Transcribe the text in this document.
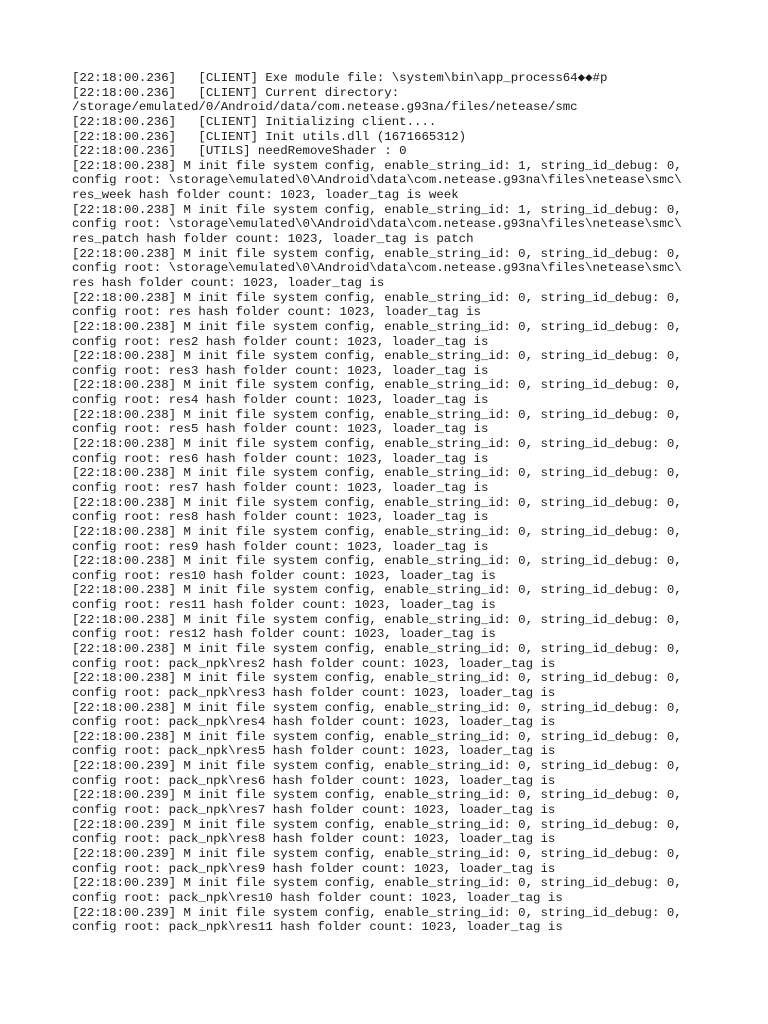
[22:18:00.236]   [CLIENT] Exe module file: \system\bin\app_process64◆◆#p
[22:18:00.236]   [CLIENT] Current directory:
/storage/emulated/0/Android/data/com.netease.g93na/files/netease/smc
[22:18:00.236]   [CLIENT] Initializing client....
[22:18:00.236]   [CLIENT] Init utils.dll (1671665312)
[22:18:00.236]   [UTILS] needRemoveShader : 0
[22:18:00.238] M init file system config, enable_string_id: 1, string_id_debug: 0,
config root: \storage\emulated\0\Android\data\com.netease.g93na\files\netease\smc\
res_week hash folder count: 1023, loader_tag is week
[22:18:00.238] M init file system config, enable_string_id: 1, string_id_debug: 0,
config root: \storage\emulated\0\Android\data\com.netease.g93na\files\netease\smc\
res_patch hash folder count: 1023, loader_tag is patch
[22:18:00.238] M init file system config, enable_string_id: 0, string_id_debug: 0,
config root: \storage\emulated\0\Android\data\com.netease.g93na\files\netease\smc\
res hash folder count: 1023, loader_tag is
[22:18:00.238] M init file system config, enable_string_id: 0, string_id_debug: 0,
config root: res hash folder count: 1023, loader_tag is
[22:18:00.238] M init file system config, enable_string_id: 0, string_id_debug: 0,
config root: res2 hash folder count: 1023, loader_tag is
[22:18:00.238] M init file system config, enable_string_id: 0, string_id_debug: 0,
config root: res3 hash folder count: 1023, loader_tag is
[22:18:00.238] M init file system config, enable_string_id: 0, string_id_debug: 0,
config root: res4 hash folder count: 1023, loader_tag is
[22:18:00.238] M init file system config, enable_string_id: 0, string_id_debug: 0,
config root: res5 hash folder count: 1023, loader_tag is
[22:18:00.238] M init file system config, enable_string_id: 0, string_id_debug: 0,
config root: res6 hash folder count: 1023, loader_tag is
[22:18:00.238] M init file system config, enable_string_id: 0, string_id_debug: 0,
config root: res7 hash folder count: 1023, loader_tag is
[22:18:00.238] M init file system config, enable_string_id: 0, string_id_debug: 0,
config root: res8 hash folder count: 1023, loader_tag is
[22:18:00.238] M init file system config, enable_string_id: 0, string_id_debug: 0,
config root: res9 hash folder count: 1023, loader_tag is
[22:18:00.238] M init file system config, enable_string_id: 0, string_id_debug: 0,
config root: res10 hash folder count: 1023, loader_tag is
[22:18:00.238] M init file system config, enable_string_id: 0, string_id_debug: 0,
config root: res11 hash folder count: 1023, loader_tag is
[22:18:00.238] M init file system config, enable_string_id: 0, string_id_debug: 0,
config root: res12 hash folder count: 1023, loader_tag is
[22:18:00.238] M init file system config, enable_string_id: 0, string_id_debug: 0,
config root: pack_npk\res2 hash folder count: 1023, loader_tag is
[22:18:00.238] M init file system config, enable_string_id: 0, string_id_debug: 0,
config root: pack_npk\res3 hash folder count: 1023, loader_tag is
[22:18:00.238] M init file system config, enable_string_id: 0, string_id_debug: 0,
config root: pack_npk\res4 hash folder count: 1023, loader_tag is
[22:18:00.238] M init file system config, enable_string_id: 0, string_id_debug: 0,
config root: pack_npk\res5 hash folder count: 1023, loader_tag is
[22:18:00.239] M init file system config, enable_string_id: 0, string_id_debug: 0,
config root: pack_npk\res6 hash folder count: 1023, loader_tag is
[22:18:00.239] M init file system config, enable_string_id: 0, string_id_debug: 0,
config root: pack_npk\res7 hash folder count: 1023, loader_tag is
[22:18:00.239] M init file system config, enable_string_id: 0, string_id_debug: 0,
config root: pack_npk\res8 hash folder count: 1023, loader_tag is
[22:18:00.239] M init file system config, enable_string_id: 0, string_id_debug: 0,
config root: pack_npk\res9 hash folder count: 1023, loader_tag is
[22:18:00.239] M init file system config, enable_string_id: 0, string_id_debug: 0,
config root: pack_npk\res10 hash folder count: 1023, loader_tag is
[22:18:00.239] M init file system config, enable_string_id: 0, string_id_debug: 0,
config root: pack_npk\res11 hash folder count: 1023, loader_tag is
